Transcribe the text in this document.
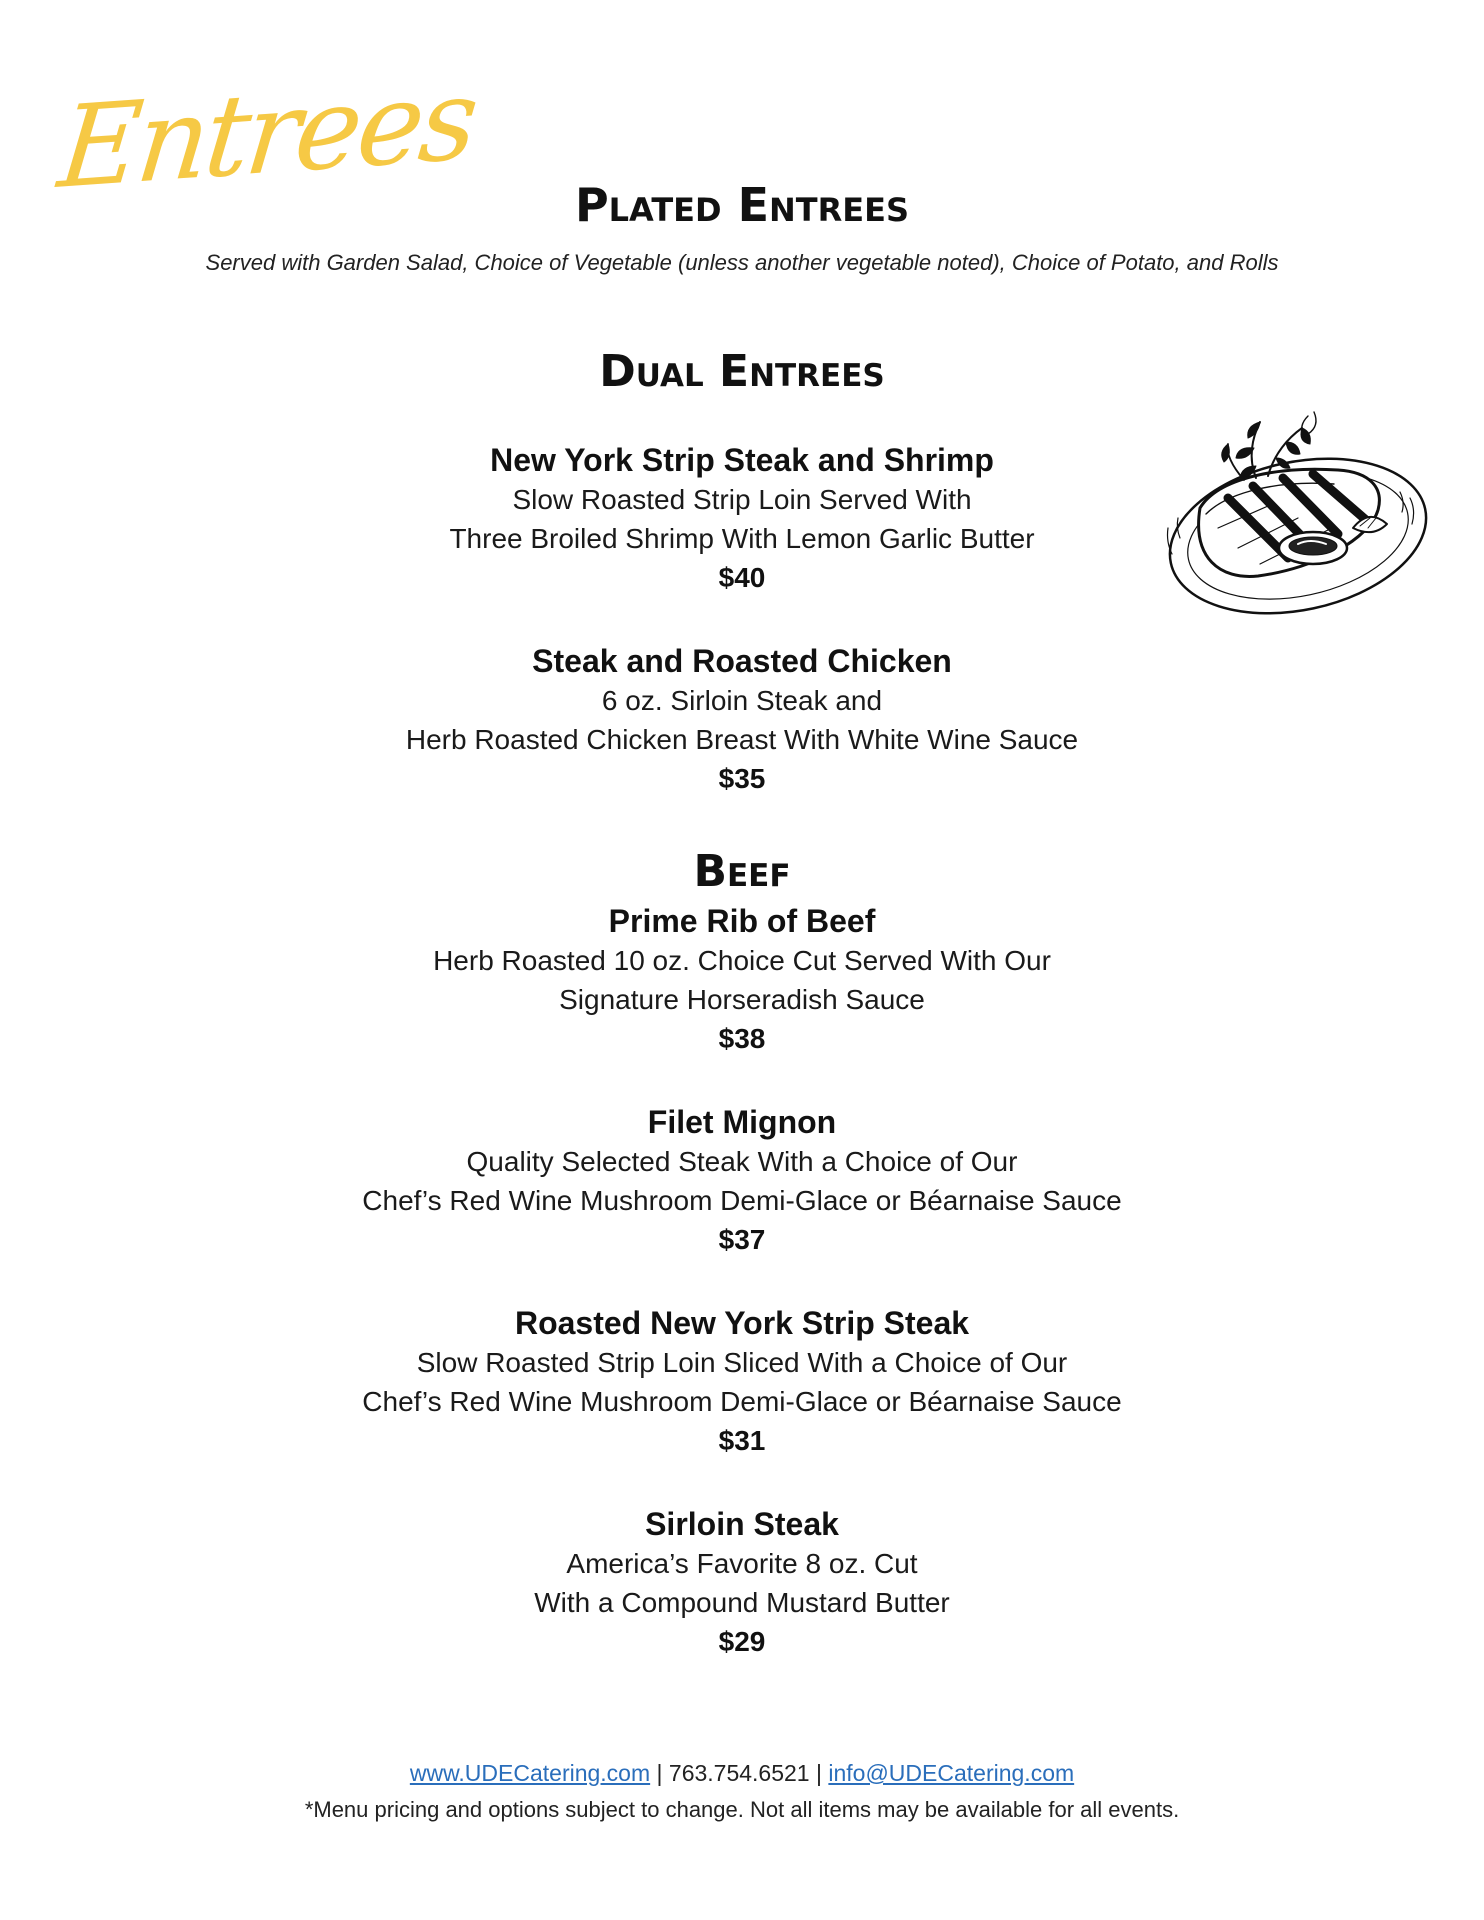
Entrees	Plated Entrees
Served with Garden Salad, Choice of Vegetable (unless another vegetable noted), Choice of Potato, and Rolls
Dual Entrees
New York Strip Steak and Shrimp
Slow Roasted Strip Loin Served With
Three Broiled Shrimp With Lemon Garlic Butter
$40
Steak and Roasted Chicken
6 oz. Sirloin Steak and
Herb Roasted Chicken Breast With White Wine Sauce
$35
Beef
Prime Rib of Beef
Herb Roasted 10 oz. Choice Cut Served With Our
Signature Horseradish Sauce
$38
Filet Mignon
Quality Selected Steak With a Choice of Our
Chef’s Red Wine Mushroom Demi-Glace or Béarnaise Sauce
$37
Roasted New York Strip Steak
Slow Roasted Strip Loin Sliced With a Choice of Our
Chef’s Red Wine Mushroom Demi-Glace or Béarnaise Sauce
$31
Sirloin Steak
America’s Favorite 8 oz. Cut
With a Compound Mustard Butter
$29
www.UDECatering.com | 763.754.6521 | info@UDECatering.com
*Menu pricing and options subject to change. Not all items may be available for all events.
